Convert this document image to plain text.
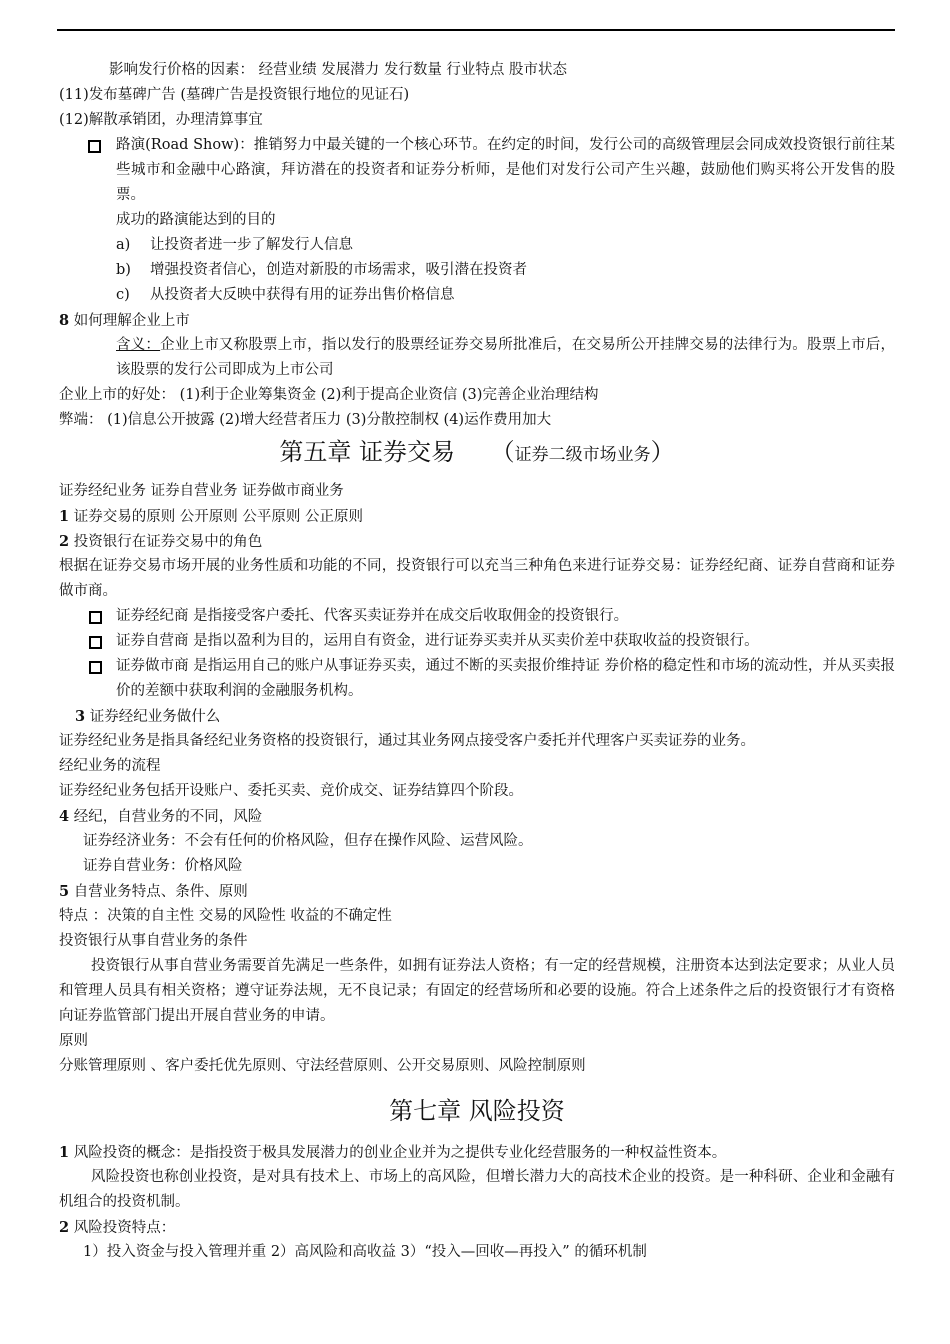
影响发行价格的因素： 经营业绩 发展潜力 发行数量 行业特点 股市状态
(11)发布墓碑广告 (墓碑广告是投资银行地位的见证石)
(12)解散承销团，办理清算事宜
路演(Road Show)：推销努力中最关键的一个核心环节。在约定的时间，发行公司的高级管理层会同成效投资银行前往某些城市和金融中心路演，拜访潜在的投资者和证券分析师，是他们对发行公司产生兴趣，鼓励他们购买将公开发售的股票。
成功的路演能达到的目的
a) 让投资者进一步了解发行人信息
b) 增强投资者信心，创造对新股的市场需求，吸引潜在投资者
c) 从投资者大反映中获得有用的证券出售价格信息
8 如何理解企业上市
含义：企业上市又称股票上市，指以发行的股票经证券交易所批准后，在交易所公开挂牌交易的法律行为。股票上市后，该股票的发行公司即成为上市公司
企业上市的好处： (1)利于企业筹集资金 (2)利于提高企业资信 (3)完善企业治理结构
弊端： (1)信息公开披露 (2)增大经营者压力 (3)分散控制权 (4)运作费用加大
第五章 证券交易 （证券二级市场业务）
证券经纪业务 证券自营业务 证券做市商业务
1 证券交易的原则 公开原则 公平原则 公正原则
2 投资银行在证券交易中的角色
根据在证券交易市场开展的业务性质和功能的不同，投资银行可以充当三种角色来进行证券交易：证券经纪商、证券自营商和证券做市商。
证券经纪商 是指接受客户委托、代客买卖证券并在成交后收取佣金的投资银行。
证券自营商 是指以盈利为目的，运用自有资金，进行证券买卖并从买卖价差中获取收益的投资银行。
证券做市商 是指运用自己的账户从事证券买卖，通过不断的买卖报价维持证 券价格的稳定性和市场的流动性，并从买卖报价的差额中获取利润的金融服务机构。
3 证券经纪业务做什么
证券经纪业务是指具备经纪业务资格的投资银行，通过其业务网点接受客户委托并代理客户买卖证券的业务。
经纪业务的流程
证券经纪业务包括开设账户、委托买卖、竞价成交、证券结算四个阶段。
4 经纪，自营业务的不同，风险
证券经济业务：不会有任何的价格风险，但存在操作风险、运营风险。
证券自营业务：价格风险
5 自营业务特点、条件、原则
特点 ：决策的自主性 交易的风险性 收益的不确定性
投资银行从事自营业务的条件
投资银行从事自营业务需要首先满足一些条件，如拥有证券法人资格；有一定的经营规模，注册资本达到法定要求；从业人员和管理人员具有相关资格；遵守证券法规，无不良记录；有固定的经营场所和必要的设施。符合上述条件之后的投资银行才有资格向证券监管部门提出开展自营业务的申请。
原则
分账管理原则 、客户委托优先原则、守法经营原则、公开交易原则、风险控制原则
第七章 风险投资
1 风险投资的概念：是指投资于极具发展潜力的创业企业并为之提供专业化经营服务的一种权益性资本。
风险投资也称创业投资，是对具有技术上、市场上的高风险，但增长潜力大的高技术企业的投资。是一种科研、企业和金融有机组合的投资机制。
2 风险投资特点：
1）投入资金与投入管理并重 2）高风险和高收益 3）“投入—回收—再投入” 的循环机制
